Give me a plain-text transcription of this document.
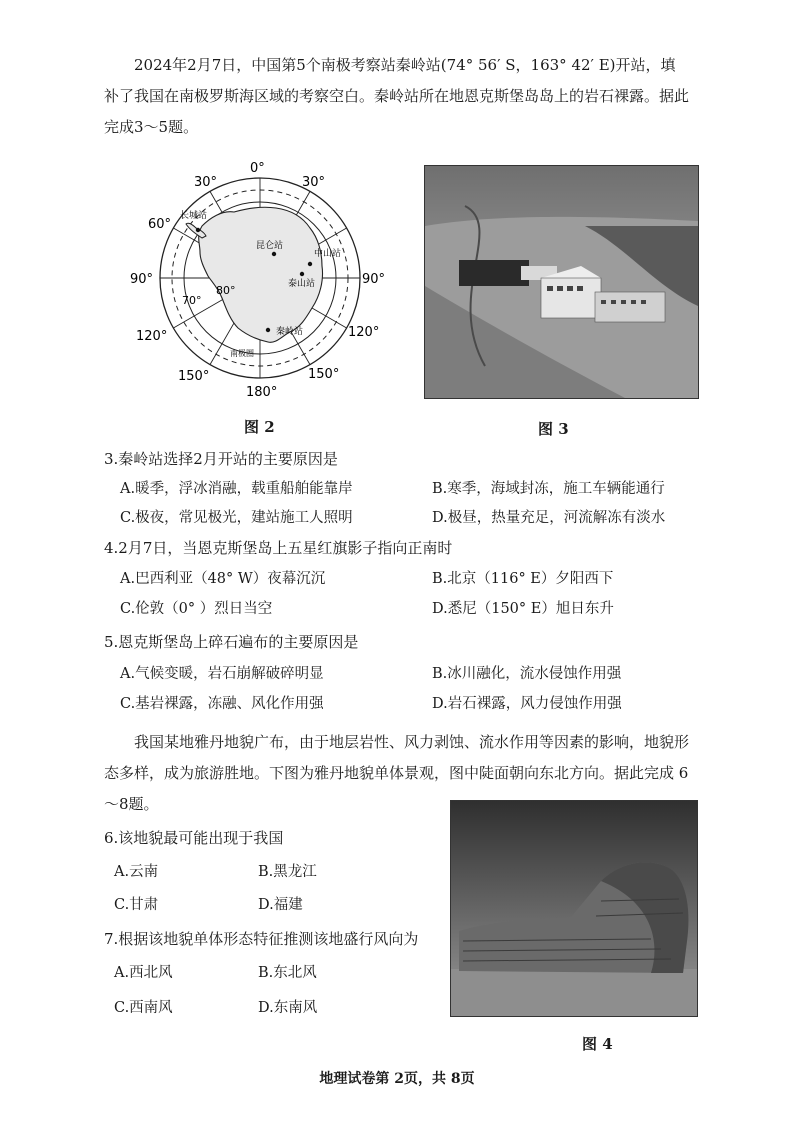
2024年2月7日，中国第5个南极考察站秦岭站(74° 56′ S，163° 42′ E)开站，填补了我国在南极罗斯海区域的考察空白。秦岭站所在地恩克斯堡岛岛上的岩石裸露。据此完成3～5题。
0°
30°	30°
60°
90°	90°
120°	120°
150°	150°
180°
70°
80°
长城站
昆仑站
中山站
泰山站
秦岭站
南极圈
图 2	图 3
3.秦岭站选择2月开站的主要原因是
A.暖季，浮冰消融，载重船舶能靠岸	B.寒季，海域封冻，施工车辆能通行
C.极夜，常见极光，建站施工人照明	D.极昼，热量充足，河流解冻有淡水
4.2月7日，当恩克斯堡岛上五星红旗影子指向正南时
A.巴西利亚（48° W）夜幕沉沉	B.北京（116° E）夕阳西下
C.伦敦（0° ）烈日当空	D.悉尼（150° E）旭日东升
5.恩克斯堡岛上碎石遍布的主要原因是
A.气候变暖，岩石崩解破碎明显	B.冰川融化，流水侵蚀作用强
C.基岩裸露，冻融、风化作用强	D.岩石裸露，风力侵蚀作用强
我国某地雅丹地貌广布，由于地层岩性、风力剥蚀、流水作用等因素的影响，地貌形态多样，成为旅游胜地。下图为雅丹地貌单体景观，图中陡面朝向东北方向。据此完成 6～8题。
6.该地貌最可能出现于我国
A.云南	B.黑龙江
C.甘肃	D.福建
7.根据该地貌单体形态特征推测该地盛行风向为
A.西北风	B.东北风
C.西南风	D.东南风
图 4
地理试卷第 2页，共 8页
